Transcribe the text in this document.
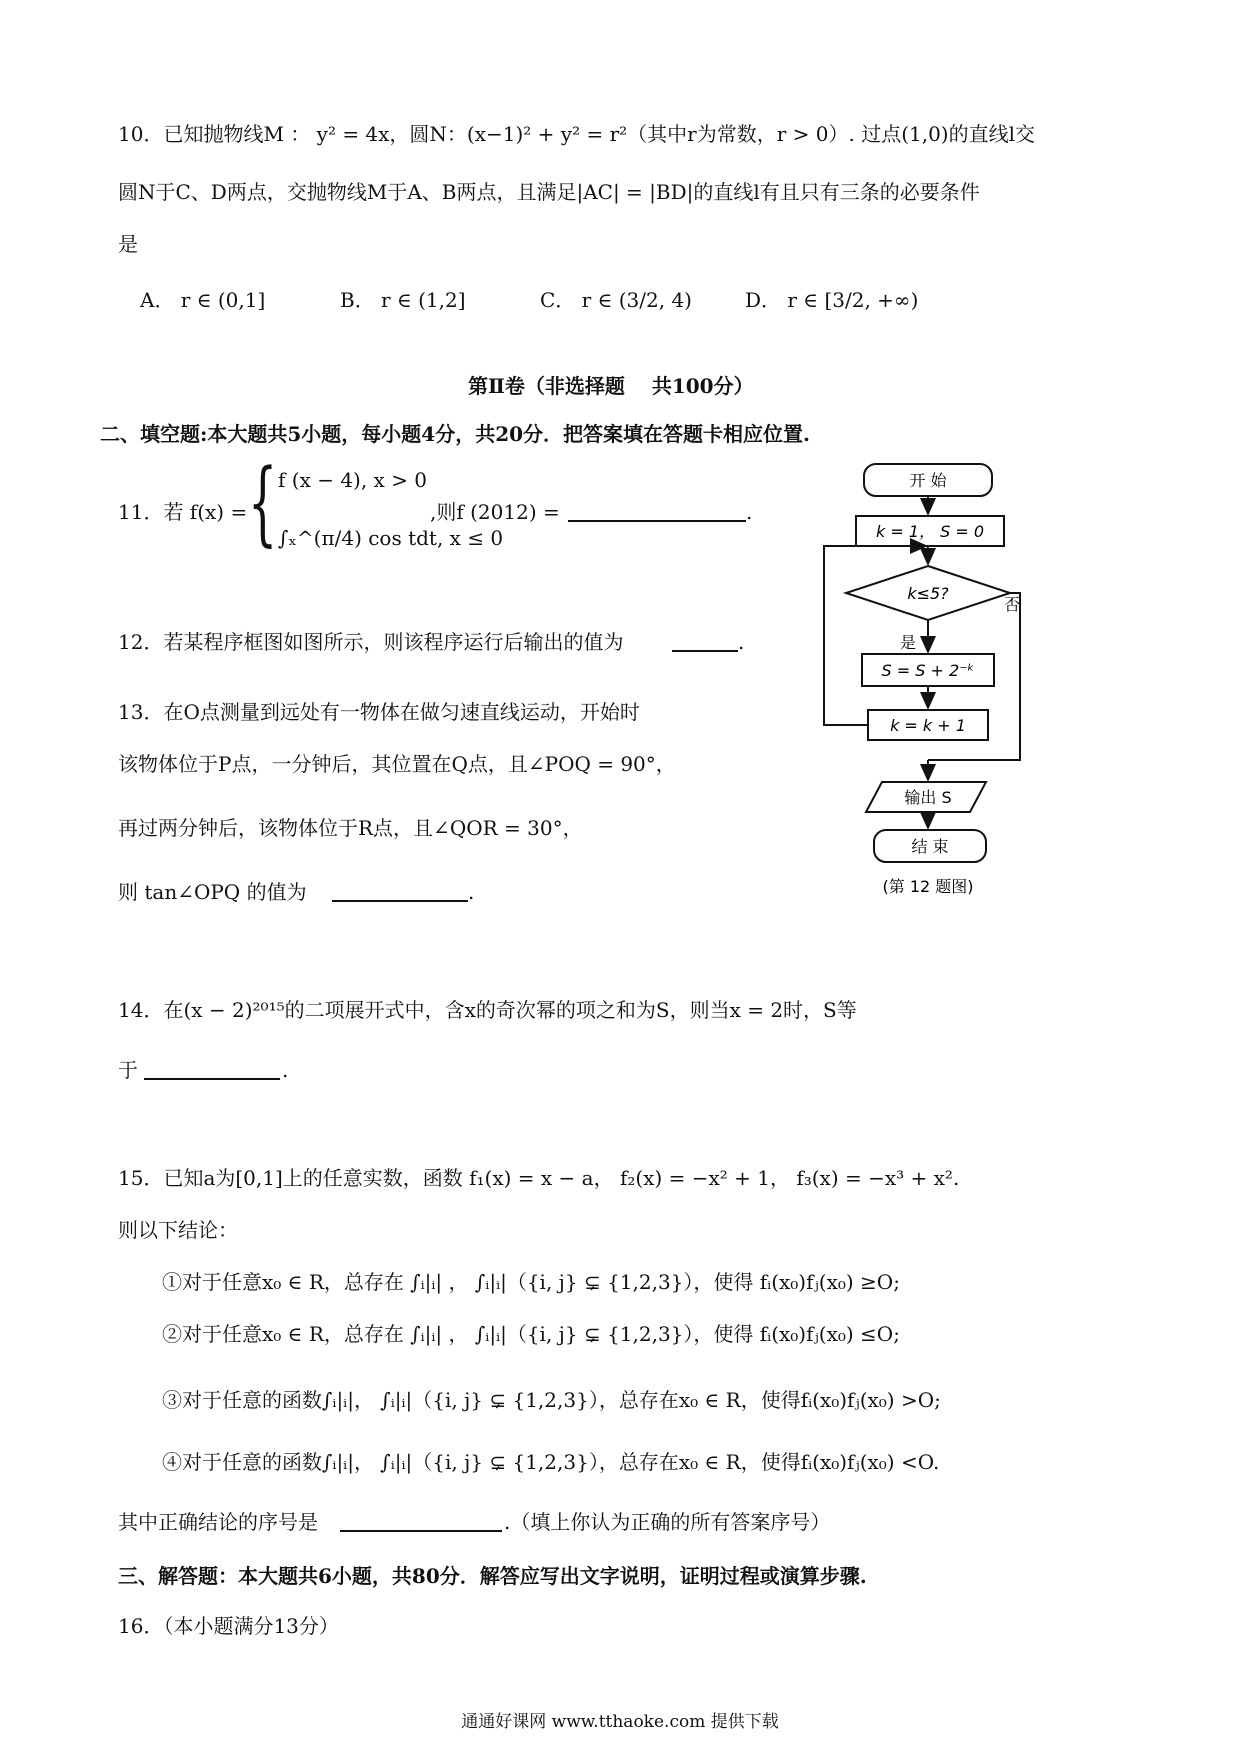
10．已知抛物线M ： y² = 4x，圆N：(x−1)² + y² = r²（其中r为常数，r > 0）. 过点(1,0)的直线l交
圆N于C、D两点，交抛物线M于A、B两点，且满足|AC| = |BD|的直线l有且只有三条的必要条件
是
A． r ∈ (0,1]	B． r ∈ (1,2]	C． r ∈ (3/2, 4)	D． r ∈ [3/2, +∞)
第Ⅱ卷（非选择题　 共100分）
二、填空题:本大题共5小题，每小题4分，共20分．把答案填在答题卡相应位置.
11．若 f(x) = { f (x − 4), x > 0
∫ₓ^(π/4) cos tdt, x ≤ 0
,则f (2012) =	.
12．若某程序框图如图所示，则该程序运行后输出的值为	.
13．在O点测量到远处有一物体在做匀速直线运动，开始时
该物体位于P点，一分钟后，其位置在Q点，且∠POQ = 90°，
再过两分钟后，该物体位于R点，且∠QOR = 30°，
则 tan∠OPQ 的值为	.
开 始
k = 1， S = 0
k≤5?
否
是
S = S + 2⁻ᵏ
k = k + 1
输出 S
结 束
(第 12 题图)
14．在(x − 2)²⁰¹⁵的二项展开式中，含x的奇次幂的项之和为S，则当x = 2时，S等
于	.
15．已知a为[0,1]上的任意实数，函数 f₁(x) = x − a， f₂(x) = −x² + 1， f₃(x) = −x³ + x².
则以下结论：
①对于任意x₀ ∈ R，总存在 ∫ᵢ|ᵢ| ， ∫ᵢ|ᵢ|（{i, j} ⊊ {1,2,3}），使得 fᵢ(x₀)fⱼ(x₀) ≥O;
②对于任意x₀ ∈ R，总存在 ∫ᵢ|ᵢ| ， ∫ᵢ|ᵢ|（{i, j} ⊊ {1,2,3}），使得 fᵢ(x₀)fⱼ(x₀) ≤O;
③对于任意的函数∫ᵢ|ᵢ|， ∫ᵢ|ᵢ|（{i, j} ⊊ {1,2,3}），总存在x₀ ∈ R，使得fᵢ(x₀)fⱼ(x₀) >O;
④对于任意的函数∫ᵢ|ᵢ|， ∫ᵢ|ᵢ|（{i, j} ⊊ {1,2,3}），总存在x₀ ∈ R，使得fᵢ(x₀)fⱼ(x₀) <O.
其中正确结论的序号是	.（填上你认为正确的所有答案序号）
三、解答题：本大题共6小题，共80分．解答应写出文字说明，证明过程或演算步骤.
16．（本小题满分13分）
通通好课网 www.tthaoke.com 提供下载
